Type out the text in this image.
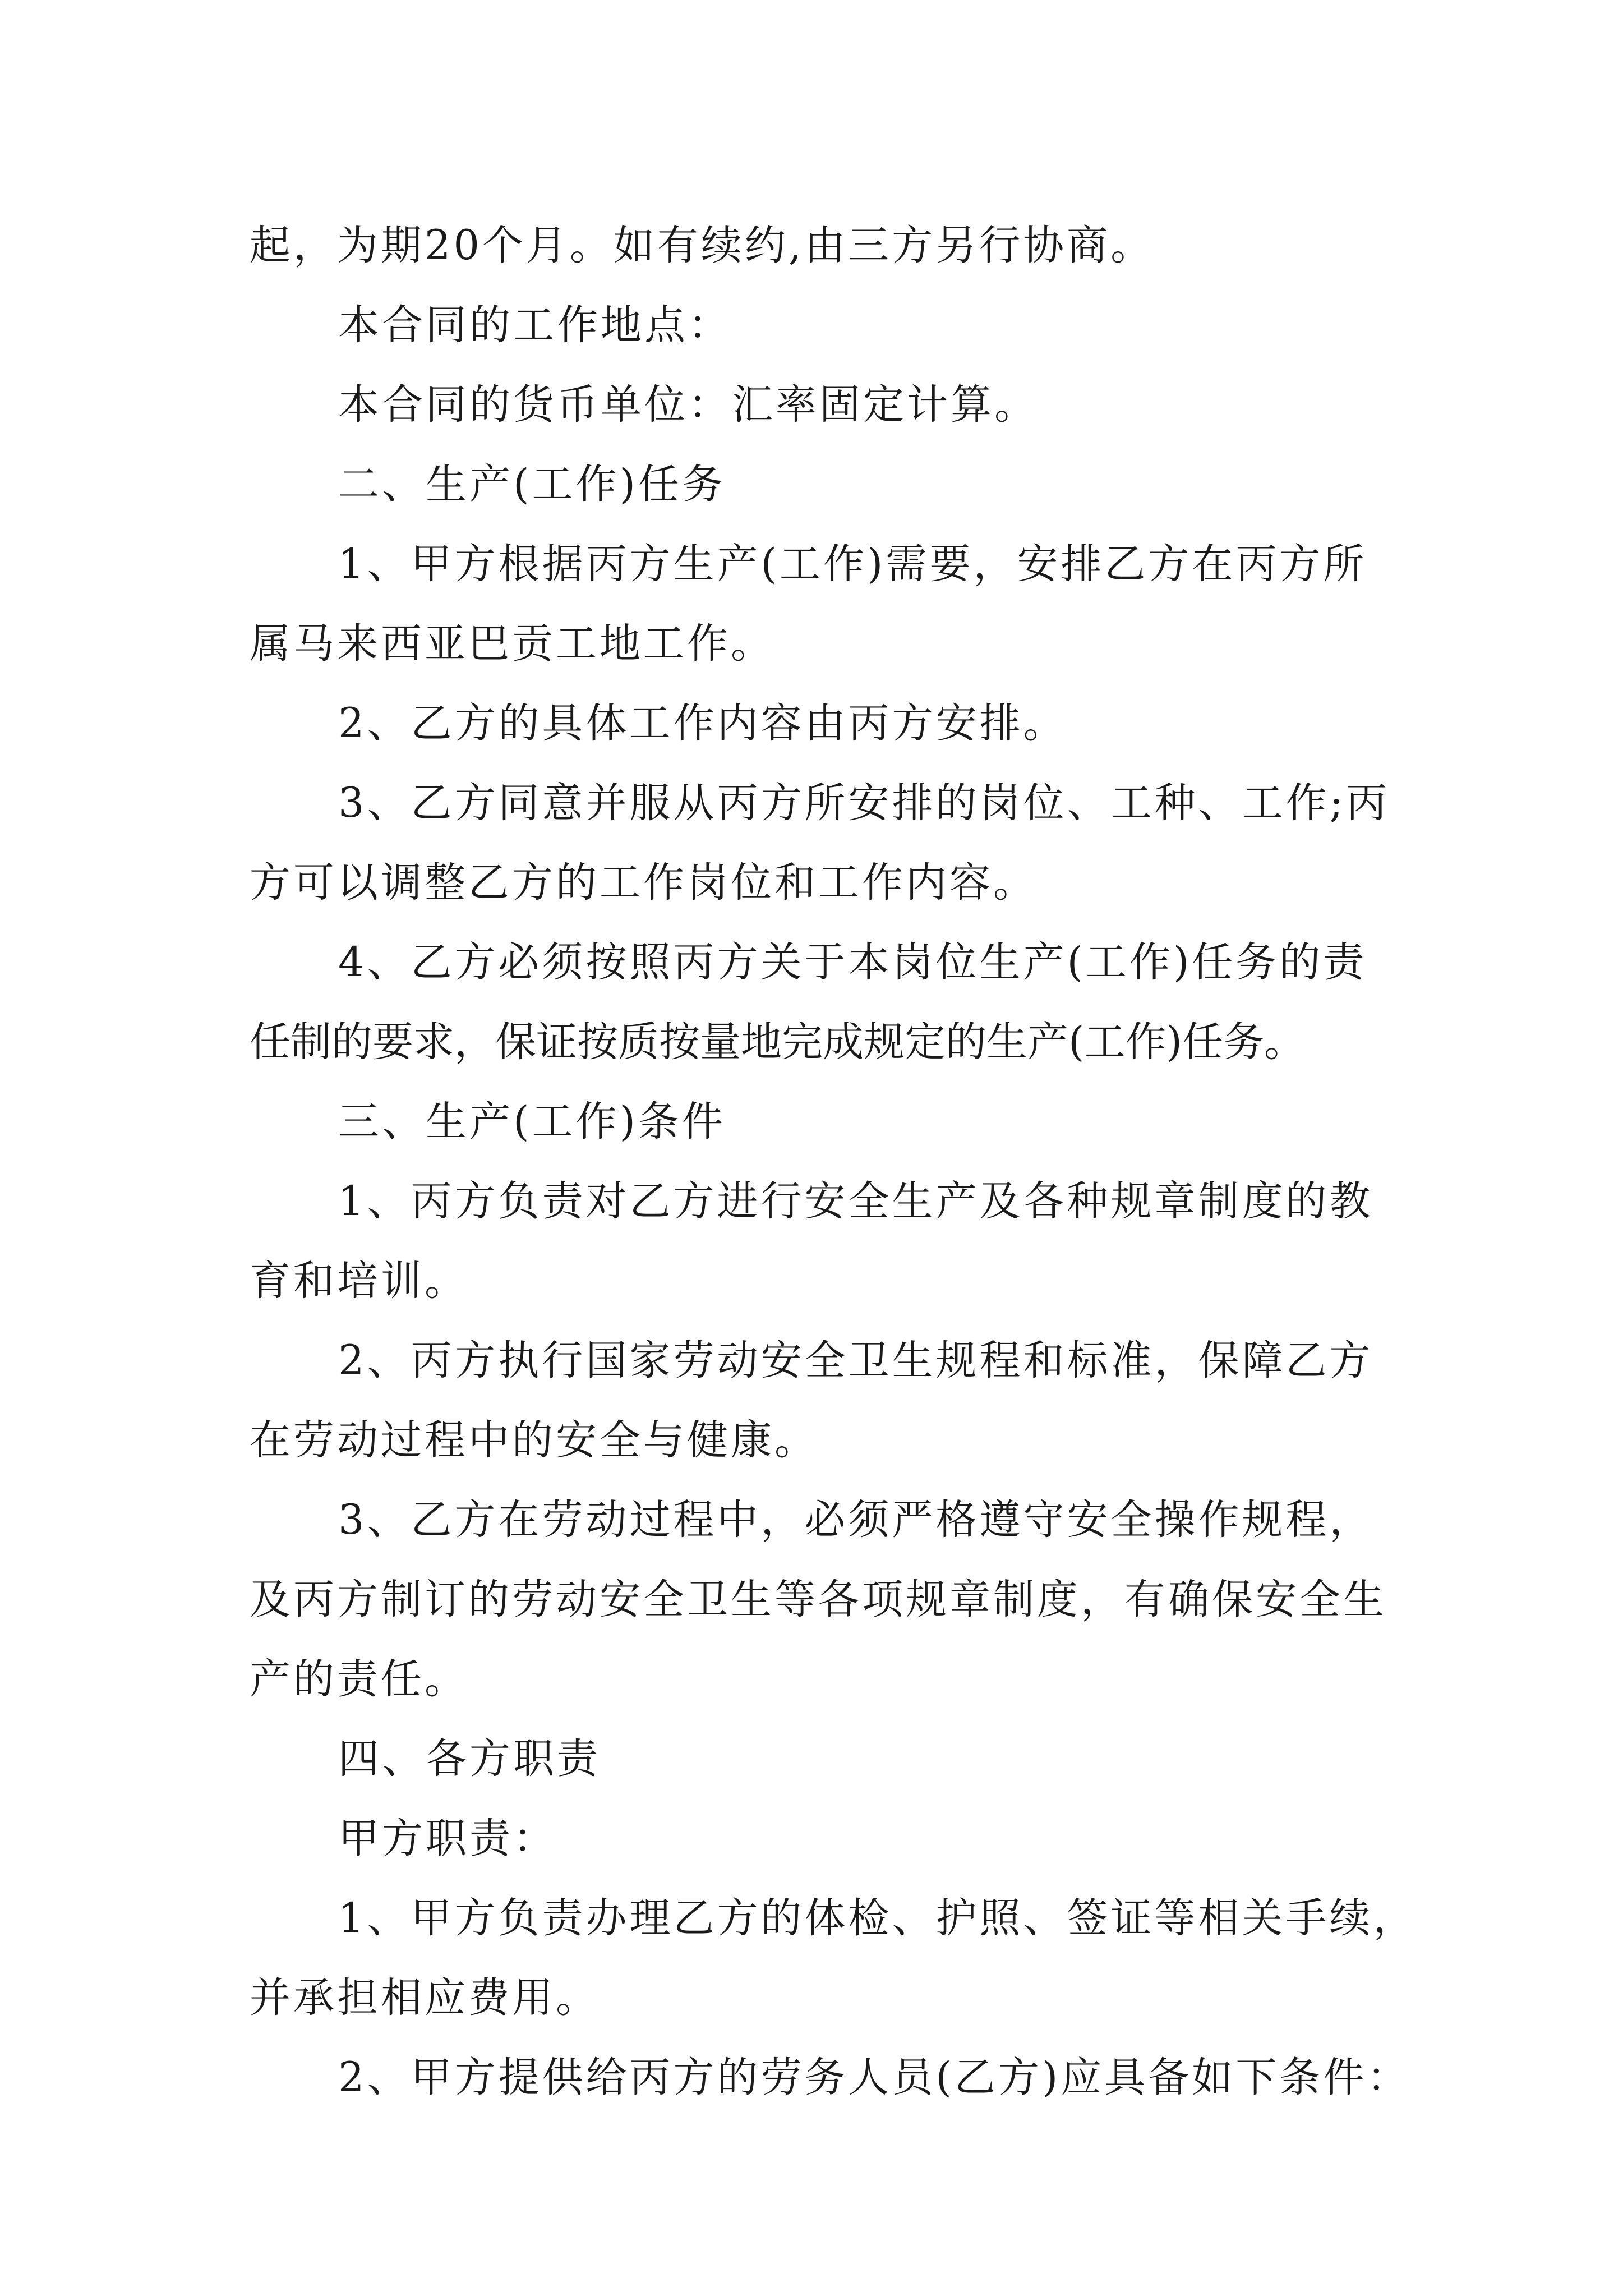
起，为期20个月。如有续约,由三方另行协商。
本合同的工作地点：
本合同的货币单位：汇率固定计算。
二、生产(工作)任务
1、甲方根据丙方生产(工作)需要，安排乙方在丙方所
属马来西亚巴贡工地工作。
2、乙方的具体工作内容由丙方安排。
3、乙方同意并服从丙方所安排的岗位、工种、工作;丙
方可以调整乙方的工作岗位和工作内容。
4、乙方必须按照丙方关于本岗位生产(工作)任务的责
任制的要求，保证按质按量地完成规定的生产(工作)任务。
三、生产(工作)条件
1、丙方负责对乙方进行安全生产及各种规章制度的教
育和培训。
2、丙方执行国家劳动安全卫生规程和标准，保障乙方
在劳动过程中的安全与健康。
3、乙方在劳动过程中，必须严格遵守安全操作规程，
及丙方制订的劳动安全卫生等各项规章制度，有确保安全生
产的责任。
四、各方职责
甲方职责：
1、甲方负责办理乙方的体检、护照、签证等相关手续，
并承担相应费用。
2、甲方提供给丙方的劳务人员(乙方)应具备如下条件：
